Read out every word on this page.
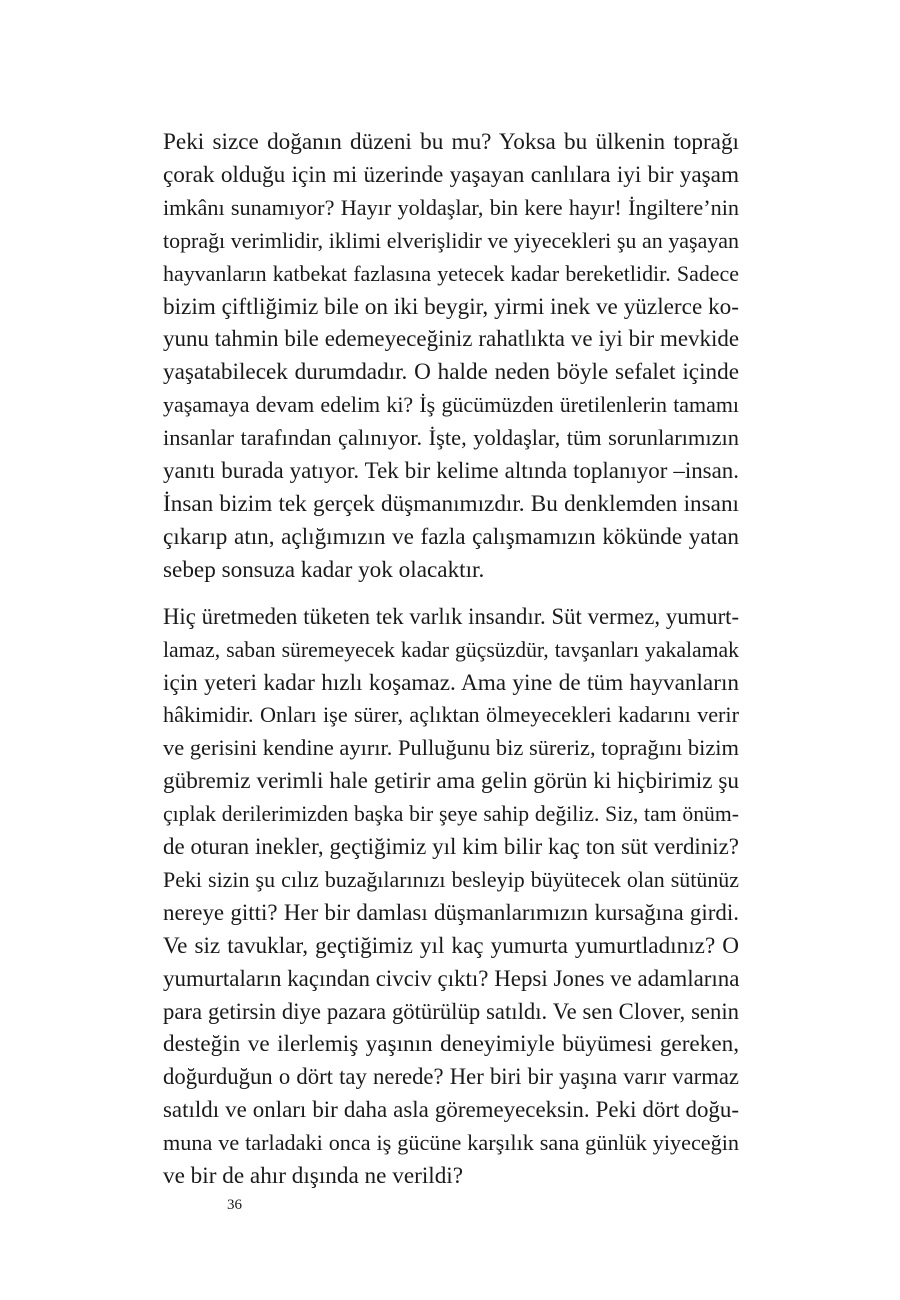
Peki sizce doğanın düzeni bu mu? Yoksa bu ülkenin toprağı
çorak olduğu için mi üzerinde yaşayan canlılara iyi bir yaşam
imkânı sunamıyor? Hayır yoldaşlar, bin kere hayır! İngiltere’nin
toprağı verimlidir, iklimi elverişlidir ve yiyecekleri şu an yaşayan
hayvanların katbekat fazlasına yetecek kadar bereketlidir. Sadece
bizim çiftliğimiz bile on iki beygir, yirmi inek ve yüzlerce ko-
yunu tahmin bile edemeyeceğiniz rahatlıkta ve iyi bir mevkide
yaşatabilecek durumdadır. O halde neden böyle sefalet içinde
yaşamaya devam edelim ki? İş gücümüzden üretilenlerin tamamı
insanlar tarafından çalınıyor. İşte, yoldaşlar, tüm sorunlarımızın
yanıtı burada yatıyor. Tek bir kelime altında toplanıyor –insan.
İnsan bizim tek gerçek düşmanımızdır. Bu denklemden insanı
çıkarıp atın, açlığımızın ve fazla çalışmamızın kökünde yatan
sebep sonsuza kadar yok olacaktır.

Hiç üretmeden tüketen tek varlık insandır. Süt vermez, yumurt-
lamaz, saban süremeyecek kadar güçsüzdür, tavşanları yakalamak
için yeteri kadar hızlı koşamaz. Ama yine de tüm hayvanların
hâkimidir. Onları işe sürer, açlıktan ölmeyecekleri kadarını verir
ve gerisini kendine ayırır. Pulluğunu biz süreriz, toprağını bizim
gübremiz verimli hale getirir ama gelin görün ki hiçbirimiz şu
çıplak derilerimizden başka bir şeye sahip değiliz. Siz, tam önüm-
de oturan inekler, geçtiğimiz yıl kim bilir kaç ton süt verdiniz?
Peki sizin şu cılız buzağılarınızı besleyip büyütecek olan sütünüz
nereye gitti? Her bir damlası düşmanlarımızın kursağına girdi.
Ve siz tavuklar, geçtiğimiz yıl kaç yumurta yumurtladınız? O
yumurtaların kaçından civciv çıktı? Hepsi Jones ve adamlarına
para getirsin diye pazara götürülüp satıldı. Ve sen Clover, senin
desteğin ve ilerlemiş yaşının deneyimiyle büyümesi gereken,
doğurduğun o dört tay nerede? Her biri bir yaşına varır varmaz
satıldı ve onları bir daha asla göremeyeceksin. Peki dört doğu-
muna ve tarladaki onca iş gücüne karşılık sana günlük yiyeceğin
ve bir de ahır dışında ne verildi?

36
